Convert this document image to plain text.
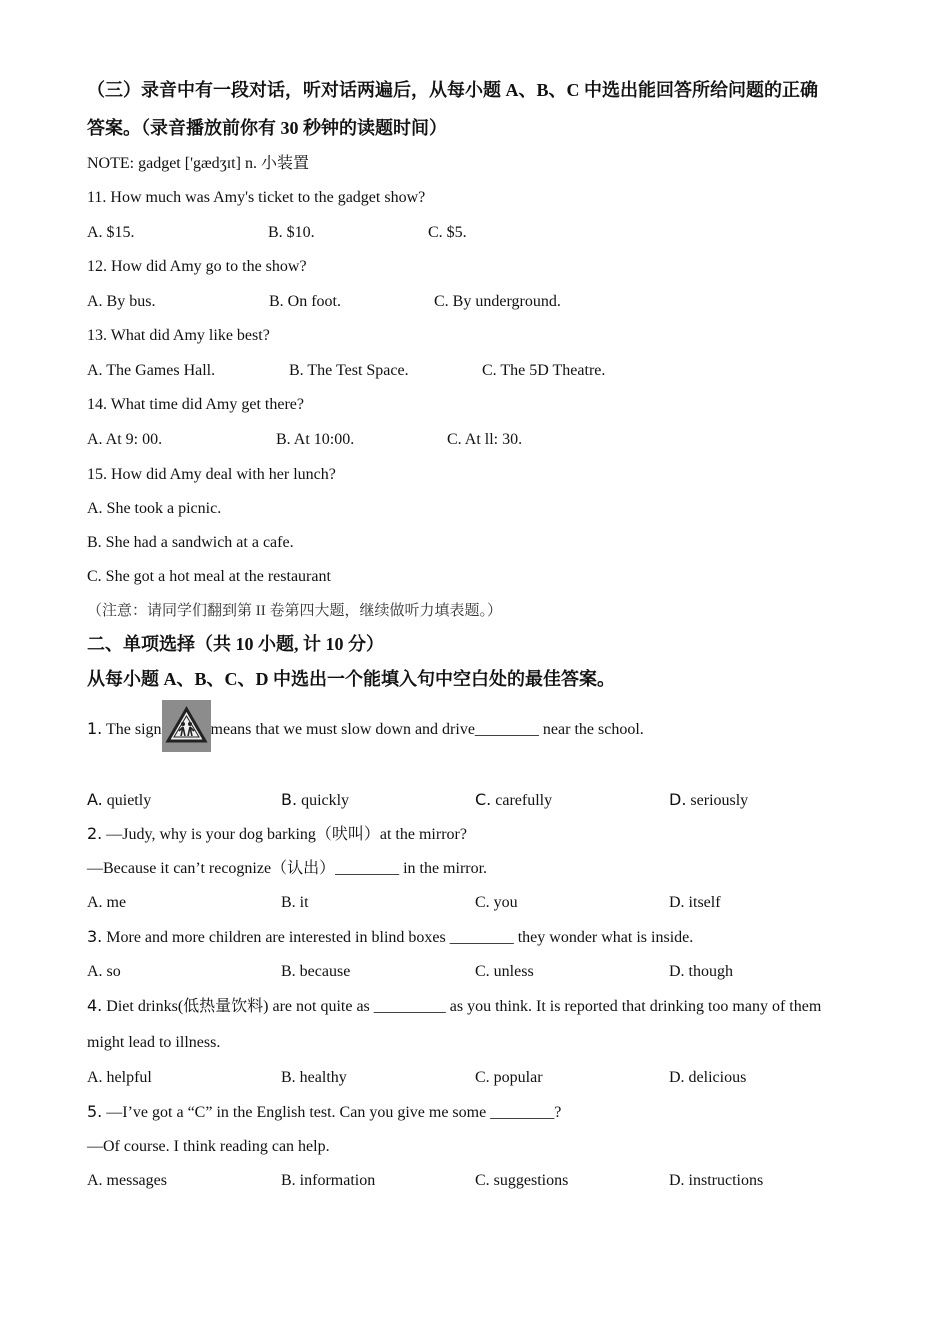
（三）录音中有一段对话，听对话两遍后，从每小题 A、B、C 中选出能回答所给问题的正确
答案。（录音播放前你有 30 秒钟的读题时间）
NOTE: gadget ['gædʒɪt] n. 小装置
11. How much was Amy's ticket to the gadget show?
A. $15.	B. $10.	C. $5.
12. How did Amy go to the show?
A. By bus.	B. On foot.	C. By underground.
13. What did Amy like best?
A. The Games Hall.	B. The Test Space.	C. The 5D Theatre.
14. What time did Amy get there?
A. At 9: 00.	B. At 10:00.	C. At ll: 30.
15. How did Amy deal with her lunch?
A. She took a picnic.
B. She had a sandwich at a cafe.
C. She got a hot meal at the restaurant
（注意：请同学们翻到第 II 卷第四大题，继续做听力填表题。）
二、单项选择（共 10 小题, 计 10 分）
从每小题 A、B、C、D 中选出一个能填入句中空白处的最佳答案。
1. The sign	means that we must slow down and drive________ near the school.
A. quietly	B. quickly	C. carefully	D. seriously
2. —Judy, why is your dog barking（吠叫）at the mirror?
—Because it can’t recognize（认出）________ in the mirror.
A. me	B. it	C. you	D. itself
3. More and more children are interested in blind boxes ________ they wonder what is inside.
A. so	B. because	C. unless	D. though
4. Diet drinks(低热量饮料) are not quite as _________ as you think. It is reported that drinking too many of them
might lead to illness.
A. helpful	B. healthy	C. popular	D. delicious
5. —I’ve got a “C” in the English test. Can you give me some ________?
—Of course. I think reading can help.
A. messages	B. information	C. suggestions	D. instructions
